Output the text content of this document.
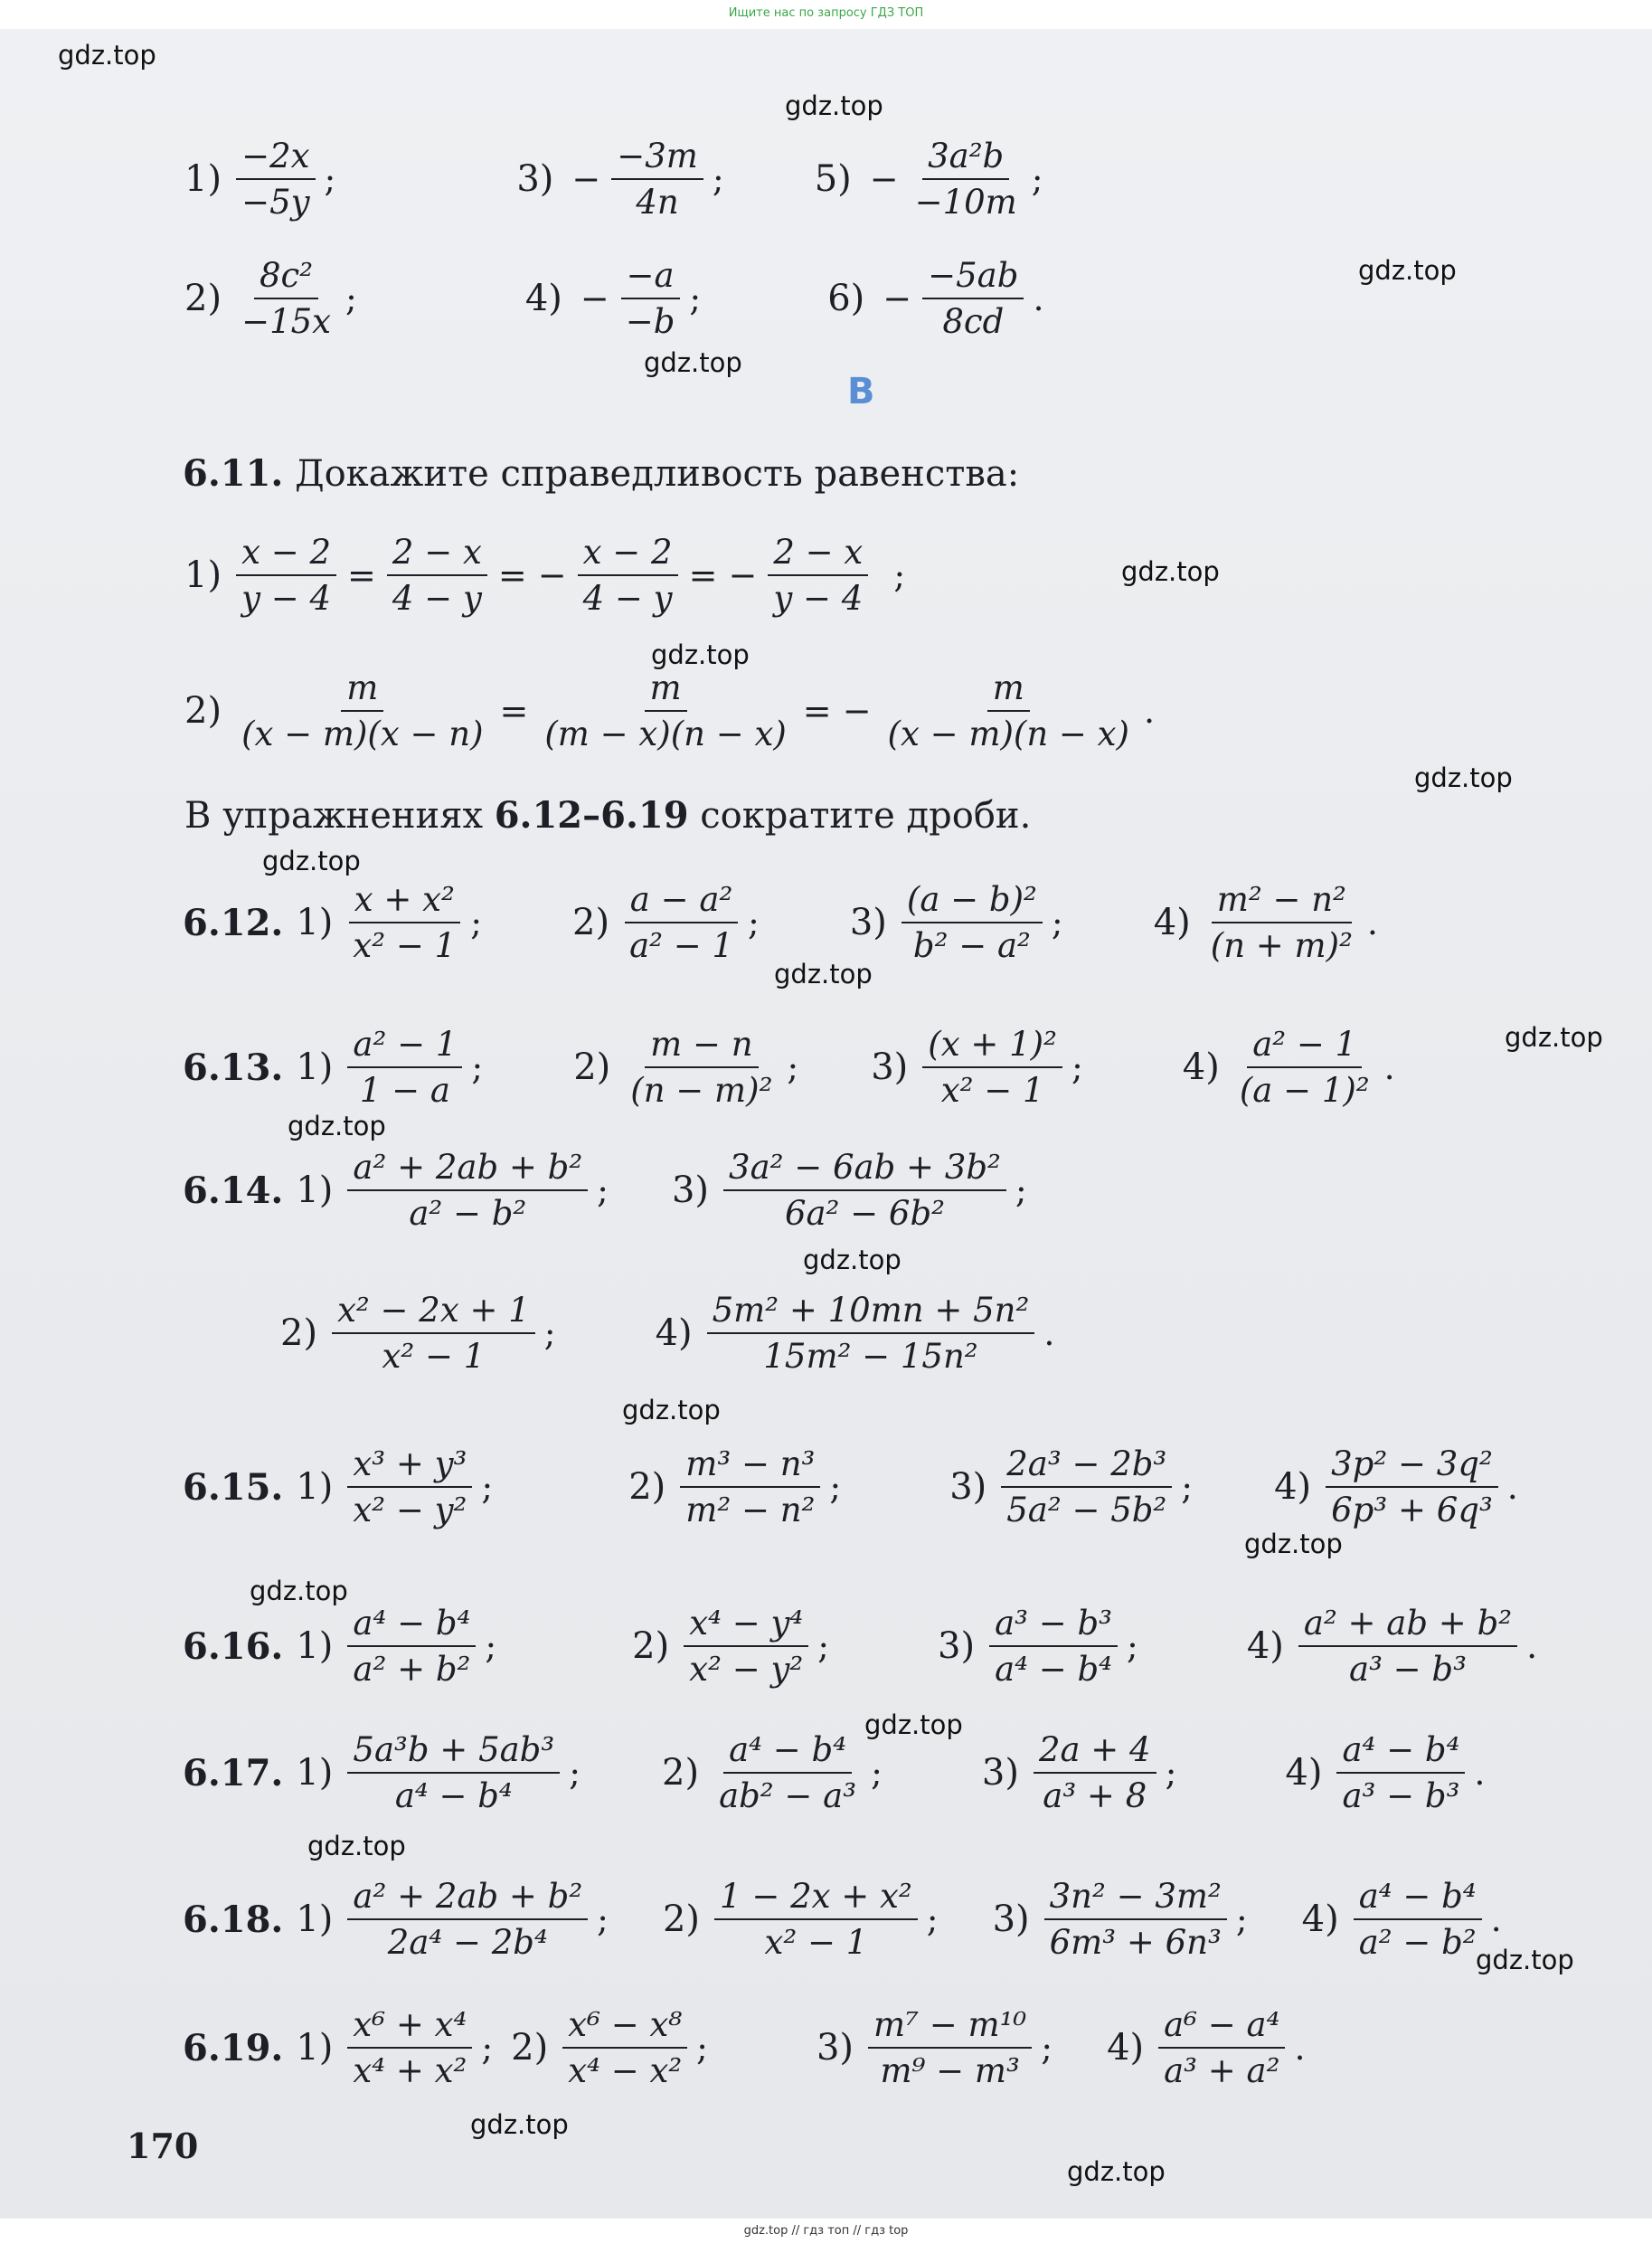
Ищите нас по запросу ГДЗ ТОП
gdz.top
gdz.top
gdz.top
gdz.top
gdz.top
gdz.top
gdz.top
gdz.top
gdz.top
gdz.top
gdz.top
gdz.top
gdz.top
gdz.top
gdz.top
gdz.top
gdz.top
gdz.top
gdz.top
gdz.top
$1) \frac{-2x}{-5y}$ ;	$3) - \frac{-3m}{4n}$ ;	$5) - \frac{\text{3a²b}}{-10m}$ ;
$2) \frac{\text{8c²}}{-15x}$ ;	$4) - \frac{-a}{-b}$ ;	$6) - \frac{-5ab}{8cd}$ .
B
6.11. Докажите справедливость равенства:
$1) \frac{x - 2}{y - 4} = \frac{2 - x}{4 - y}$ = − $\frac{x - 2}{4 - y}$ = − $\frac{2 - x}{y - 4}$ ;
$2) \frac{m}{(x - m)(x - n)} = \frac{m}{(m - x)(n - x)}$ = − $\frac{m}{(x - m)(n - x)}$ .
В упражнениях 6.12–6.19 сократите дроби.
6.12. $1) \frac{\text{x + x²}}{\text{x² − 1}}$ ;	$2) \frac{\text{a − a²}}{\text{a² − 1}}$ ;	$3) \frac{\text{(a − b)²}}{\text{b² − a²}}$ ;	$4) \frac{\text{m² − n²}}{\text{(n + m)²}}$ .
6.13. $1) \frac{\text{a² − 1}}{1 - a}$ ;	$2) \frac{m - n}{\text{(n − m)²}}$ ; $3) \frac{\text{(x + 1)²}}{\text{x² − 1}}$ ;	$4) \frac{\text{a² − 1}}{\text{(a − 1)²}}$ .
6.14. $1) \frac{\text{a² + 2ab + b²}}{\text{a² − b²}}$ ; $3) \frac{\text{3a² − 6ab + 3b²}}{\text{6a² − 6b²}}$ ;
$2) \frac{\text{x² − 2x + 1}}{\text{x² − 1}}$ ;	$4) \frac{\text{5m² + 10mn + 5n²}}{\text{15m² − 15n²}}$ .
6.15. $1) \frac{\text{x³ + y³}}{\text{x² − y²}}$ ;	$2) \frac{\text{m³ − n³}}{\text{m² − n²}}$ ;	$3) \frac{\text{2a³ − 2b³}}{\text{5a² − 5b²}}$ ; $4) \frac{\text{3p² − 3q²}}{\text{6p³ + 6q³}}$ .
6.16. $1) \frac{\text{a⁴ − b⁴}}{\text{a² + b²}}$ ;	$2) \frac{\text{x⁴ − y⁴}}{\text{x² − y²}}$ ;	$3) \frac{\text{a³ − b³}}{\text{a⁴ − b⁴}}$ ;	$4) \frac{\text{a² + ab + b²}}{\text{a³ − b³}}$ .
6.17. $1) \frac{\text{5a³b + 5ab³}}{\text{a⁴ − b⁴}}$ ; $2) \frac{\text{a⁴ − b⁴}}{\text{ab² − a³}}$ ;	$3) \frac{2a + 4}{\text{a³ + 8}}$ ;	$4) \frac{\text{a⁴ − b⁴}}{\text{a³ − b³}}$ .
6.18. $1) \frac{\text{a² + 2ab + b²}}{\text{2a⁴ − 2b⁴}}$ ; $2) \frac{\text{1 − 2x + x²}}{\text{x² − 1}}$ ; $3) \frac{\text{3n² − 3m²}}{\text{6m³ + 6n³}}$ ; $4) \frac{\text{a⁴ − b⁴}}{\text{a² − b²}}$ .
6.19. $1) \frac{\text{x⁶ + x⁴}}{\text{x⁴ + x²}}$ ; $2) \frac{\text{x⁶ − x⁸}}{\text{x⁴ − x²}}$ ;	$3) \frac{\text{m⁷ − m¹⁰}}{\text{m⁹ − m³}}$ ; $4) \frac{\text{a⁶ − a⁴}}{\text{a³ + a²}}$ .
170
gdz.top // гдз топ // гдз top
